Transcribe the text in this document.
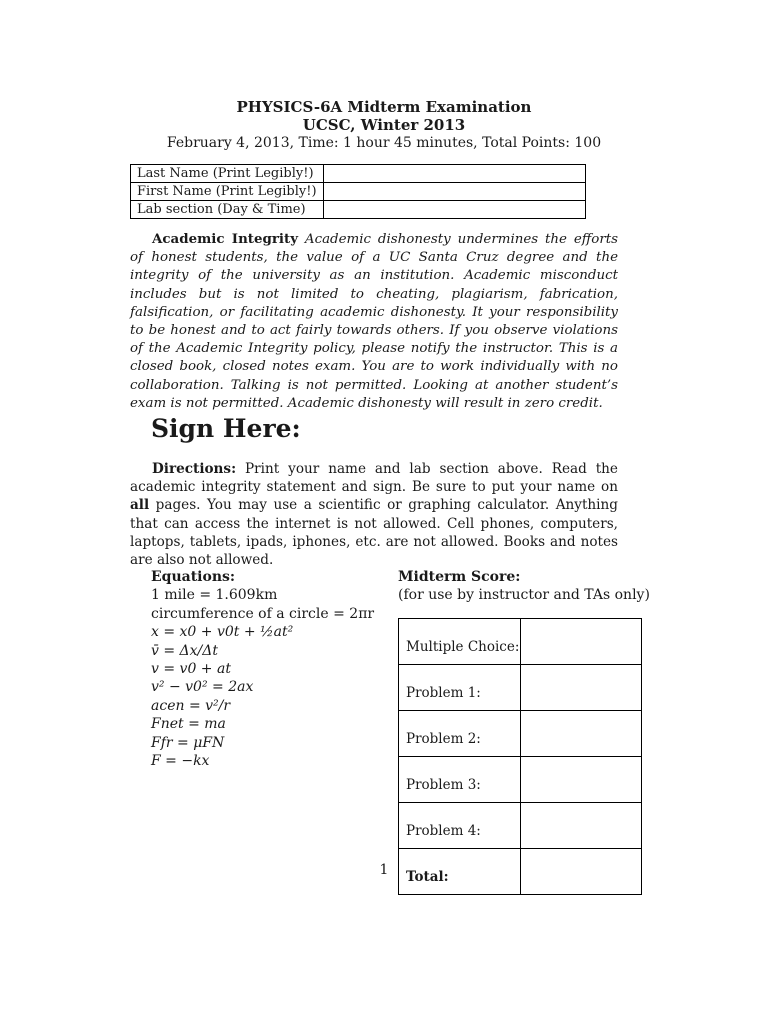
PHYSICS-6A Midterm Examination
UCSC, Winter 2013
February 4, 2013, Time: 1 hour 45 minutes, Total Points: 100
Last Name (Print Legibly!)	
First Name (Print Legibly!)	
Lab section (Day & Time)	
Academic Integrity Academic dishonesty undermines the efforts of honest students, the value of a UC Santa Cruz degree and the integrity of the university as an institution. Academic misconduct includes but is not limited to cheating, plagiarism, fabrication, falsification, or facilitating academic dishonesty. It your responsibility to be honest and to act fairly towards others. If you observe violations of the Academic Integrity policy, please notify the instructor. This is a closed book, closed notes exam. You are to work individually with no collaboration. Talking is not permitted. Looking at another student’s exam is not permitted. Academic dishonesty will result in zero credit.
Sign Here:
Directions: Print your name and lab section above. Read the academic integrity statement and sign. Be sure to put your name on all pages. You may use a scientific or graphing calculator. Anything that can access the internet is not allowed. Cell phones, computers, laptops, tablets, ipads, iphones, etc. are not allowed. Books and notes are also not allowed.
Equations:
1 mile = 1.609km
circumference of a circle = 2πr
x = x0 + v0t + ½at²
v̄ = Δx/Δt
v = v0 + at
v² − v0² = 2ax
acen = v²/r
Fnet = ma
Ffr = μFN
F = −kx
Midterm Score:
(for use by instructor and TAs only)
Multiple Choice:	
Problem 1:	
Problem 2:	
Problem 3:	
Problem 4:	
Total:	
1
